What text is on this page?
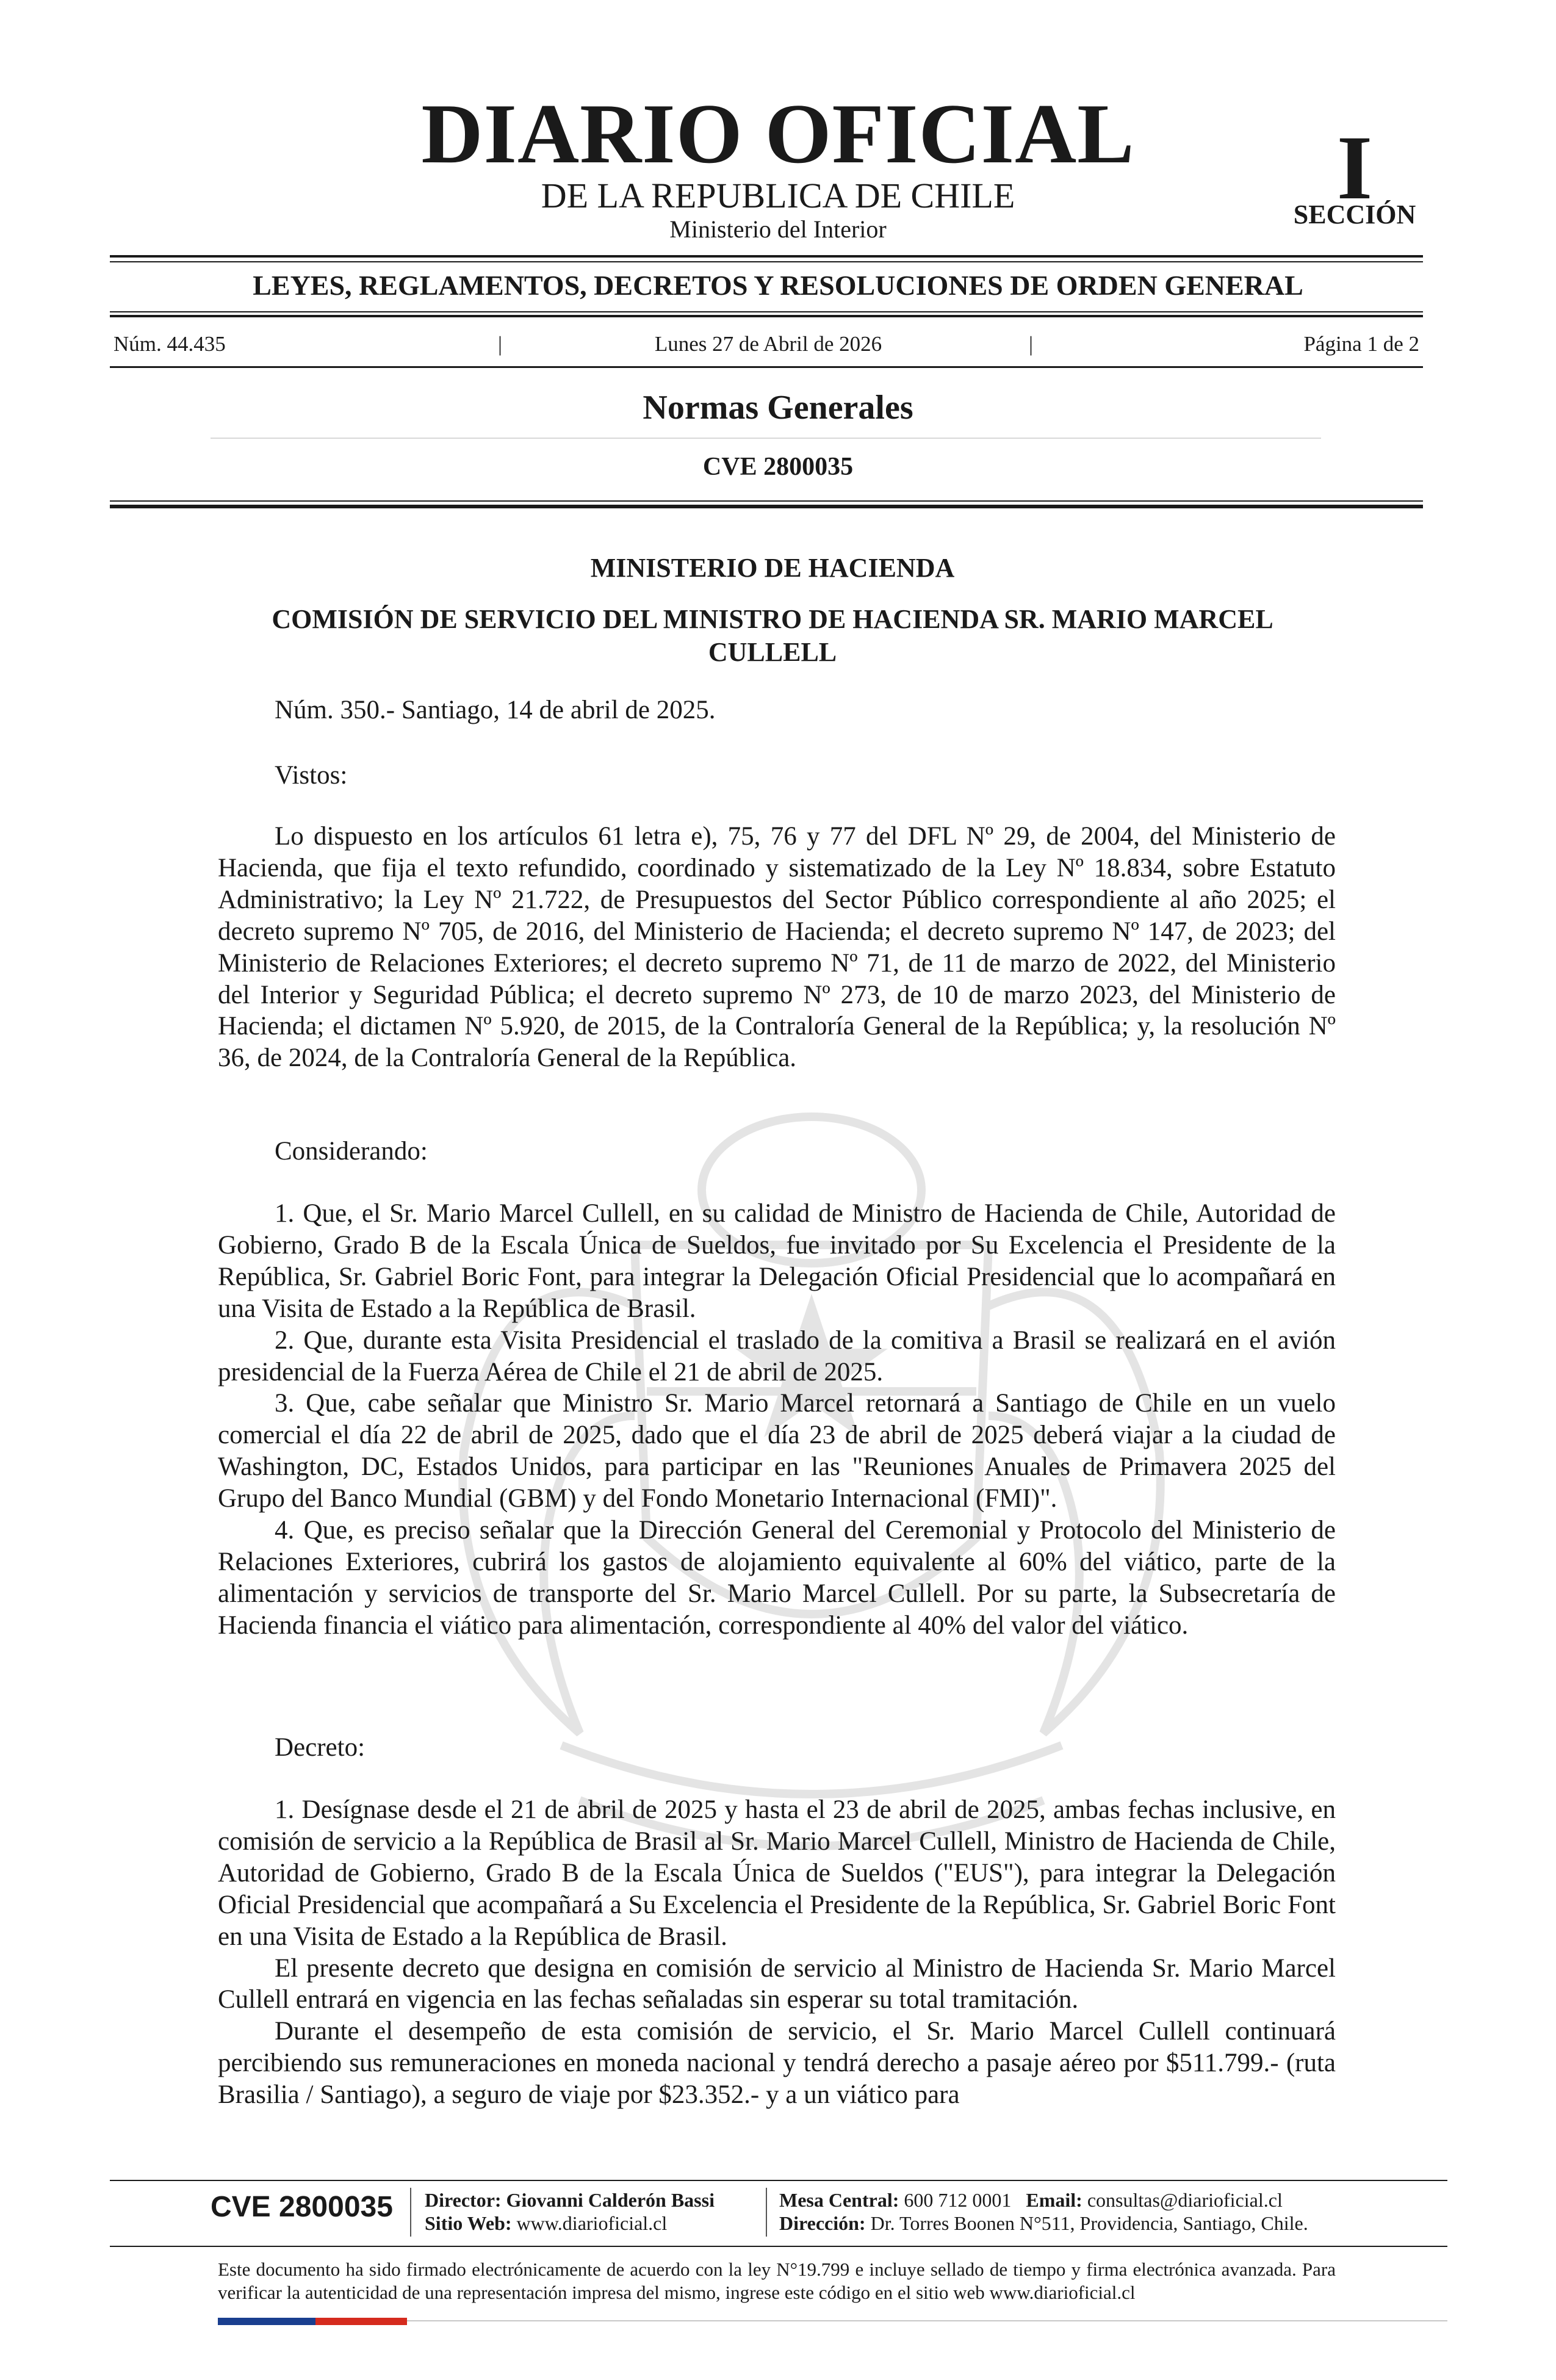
DIARIO OFICIAL
DE LA REPUBLICA DE CHILE
Ministerio del Interior
I
SECCIÓN
LEYES, REGLAMENTOS, DECRETOS Y RESOLUCIONES DE ORDEN GENERAL
Núm. 44.435	|	Lunes 27 de Abril de 2026	|	Página 1 de 2
Normas Generales
CVE 2800035
MINISTERIO DE HACIENDA
COMISIÓN DE SERVICIO DEL MINISTRO DE HACIENDA SR. MARIO MARCEL
CULLELL
Núm. 350.- Santiago, 14 de abril de 2025.
Vistos:

Lo dispuesto en los artículos 61 letra e), 75, 76 y 77 del DFL Nº 29, de 2004, del Ministerio de Hacienda, que fija el texto refundido, coordinado y sistematizado de la Ley Nº 18.834, sobre Estatuto Administrativo; la Ley Nº 21.722, de Presupuestos del Sector Público correspondiente al año 2025; el decreto supremo Nº 705, de 2016, del Ministerio de Hacienda; el decreto supremo Nº 147, de 2023; del Ministerio de Relaciones Exteriores; el decreto supremo Nº 71, de 11 de marzo de 2022, del Ministerio del Interior y Seguridad Pública; el decreto supremo Nº 273, de 10 de marzo 2023, del Ministerio de Hacienda; el dictamen Nº 5.920, de 2015, de la Contraloría General de la República; y, la resolución Nº 36, de 2024, de la Contraloría General de la República.

Considerando:

1. Que, el Sr. Mario Marcel Cullell, en su calidad de Ministro de Hacienda de Chile, Autoridad de Gobierno, Grado B de la Escala Única de Sueldos, fue invitado por Su Excelencia el Presidente de la República, Sr. Gabriel Boric Font, para integrar la Delegación Oficial Presidencial que lo acompañará en una Visita de Estado a la República de Brasil.

2. Que, durante esta Visita Presidencial el traslado de la comitiva a Brasil se realizará en el avión presidencial de la Fuerza Aérea de Chile el 21 de abril de 2025.

3. Que, cabe señalar que Ministro Sr. Mario Marcel retornará a Santiago de Chile en un vuelo comercial el día 22 de abril de 2025, dado que el día 23 de abril de 2025 deberá viajar a la ciudad de Washington, DC, Estados Unidos, para participar en las "Reuniones Anuales de Primavera 2025 del Grupo del Banco Mundial (GBM) y del Fondo Monetario Internacional (FMI)".

4. Que, es preciso señalar que la Dirección General del Ceremonial y Protocolo del Ministerio de Relaciones Exteriores, cubrirá los gastos de alojamiento equivalente al 60% del viático, parte de la alimentación y servicios de transporte del Sr. Mario Marcel Cullell. Por su parte, la Subsecretaría de Hacienda financia el viático para alimentación, correspondiente al 40% del valor del viático.

Decreto:

1. Desígnase desde el 21 de abril de 2025 y hasta el 23 de abril de 2025, ambas fechas inclusive, en comisión de servicio a la República de Brasil al Sr. Mario Marcel Cullell, Ministro de Hacienda de Chile, Autoridad de Gobierno, Grado B de la Escala Única de Sueldos ("EUS"), para integrar la Delegación Oficial Presidencial que acompañará a Su Excelencia el Presidente de la República, Sr. Gabriel Boric Font en una Visita de Estado a la República de Brasil.

El presente decreto que designa en comisión de servicio al Ministro de Hacienda Sr. Mario Marcel Cullell entrará en vigencia en las fechas señaladas sin esperar su total tramitación.

Durante el desempeño de esta comisión de servicio, el Sr. Mario Marcel Cullell continuará percibiendo sus remuneraciones en moneda nacional y tendrá derecho a pasaje aéreo por $511.799.- (ruta Brasilia / Santiago), a seguro de viaje por $23.352.- y a un viático para

CVE 2800035 Director: Giovanni Calderón Bassi
Sitio Web: www.diarioficial.cl
Mesa Central: 600 712 0001 Email: consultas@diarioficial.cl
Dirección: Dr. Torres Boonen N°511, Providencia, Santiago, Chile.
Este documento ha sido firmado electrónicamente de acuerdo con la ley N°19.799 e incluye sellado de tiempo y firma electrónica avanzada. Para verificar la autenticidad de una representación impresa del mismo, ingrese este código en el sitio web www.diarioficial.cl
